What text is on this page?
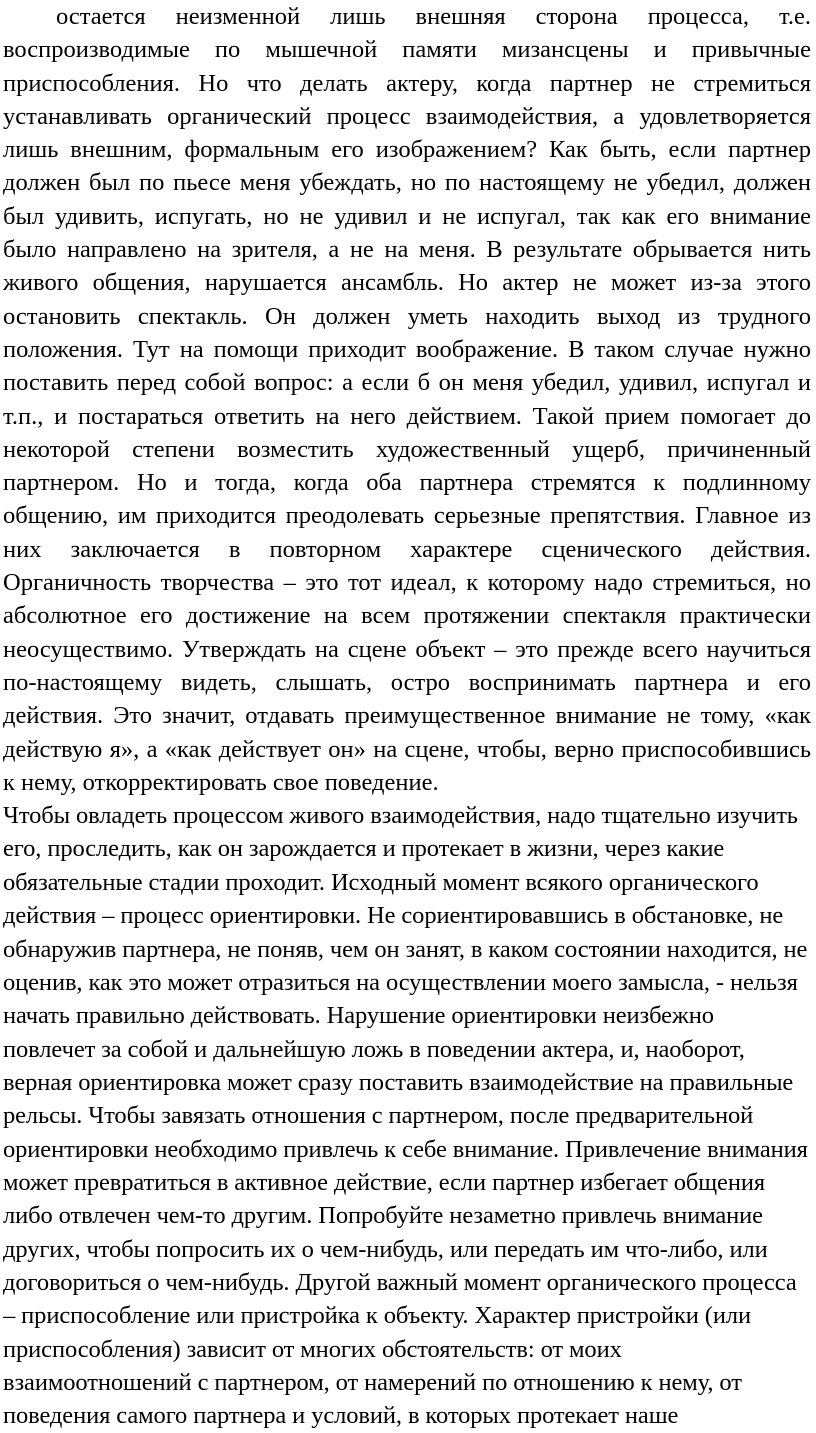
остается неизменной лишь внешняя сторона процесса, т.е. воспроизводимые по мышечной памяти мизансцены и привычные приспособления. Но что делать актеру, когда партнер не стремиться устанавливать органический процесс взаимодействия, а удовлетворяется лишь внешним, формальным его изображением? Как быть, если партнер должен был по пьесе меня убеждать, но по настоящему не убедил, должен был удивить, испугать, но не удивил и не испугал, так как его внимание было направлено на зрителя, а не на меня. В результате обрывается нить живого общения, нарушается ансамбль. Но актер не может из-за этого остановить спектакль. Он должен уметь находить выход из трудного положения. Тут на помощи приходит воображение. В таком случае нужно поставить перед собой вопрос: а если б он меня убедил, удивил, испугал и т.п., и постараться ответить на него действием. Такой прием помогает до некоторой степени возместить художественный ущерб, причиненный партнером. Но и тогда, когда оба партнера стремятся к подлинному общению, им приходится преодолевать серьезные препятствия. Главное из них заключается в повторном характере сценического действия. Органичность творчества – это тот идеал, к которому надо стремиться, но абсолютное его достижение на всем протяжении спектакля практически неосуществимо. Утверждать на сцене объект – это прежде всего научиться по-настоящему видеть, слышать, остро воспринимать партнера и его действия. Это значит, отдавать преимущественное внимание не тому, «как действую я», а «как действует он» на сцене, чтобы, верно приспособившись к нему, откорректировать свое поведение.

Чтобы овладеть процессом живого взаимодействия, надо тщательно изучить его, проследить, как он зарождается и протекает в жизни, через какие обязательные стадии проходит. Исходный момент всякого органического действия – процесс ориентировки. Не сориентировавшись в обстановке, не обнаружив партнера, не поняв, чем он занят, в каком состоянии находится, не оценив, как это может отразиться на осуществлении моего замысла, - нельзя начать правильно действовать. Нарушение ориентировки неизбежно повлечет за собой и дальнейшую ложь в поведении актера, и, наоборот, верная ориентировка может сразу поставить взаимодействие на правильные рельсы. Чтобы завязать отношения с партнером, после предварительной ориентировки необходимо привлечь к себе внимание. Привлечение внимания может превратиться в активное действие, если партнер избегает общения либо отвлечен чем-то другим. Попробуйте незаметно привлечь внимание других, чтобы попросить их о чем-нибудь, или передать им что-либо, или договориться о чем-нибудь. Другой важный момент органического процесса – приспособление или пристройка к объекту. Характер пристройки (или приспособления) зависит от многих обстоятельств: от моих взаимоотношений с партнером, от намерений по отношению к нему, от поведения самого партнера и условий, в которых протекает наше
